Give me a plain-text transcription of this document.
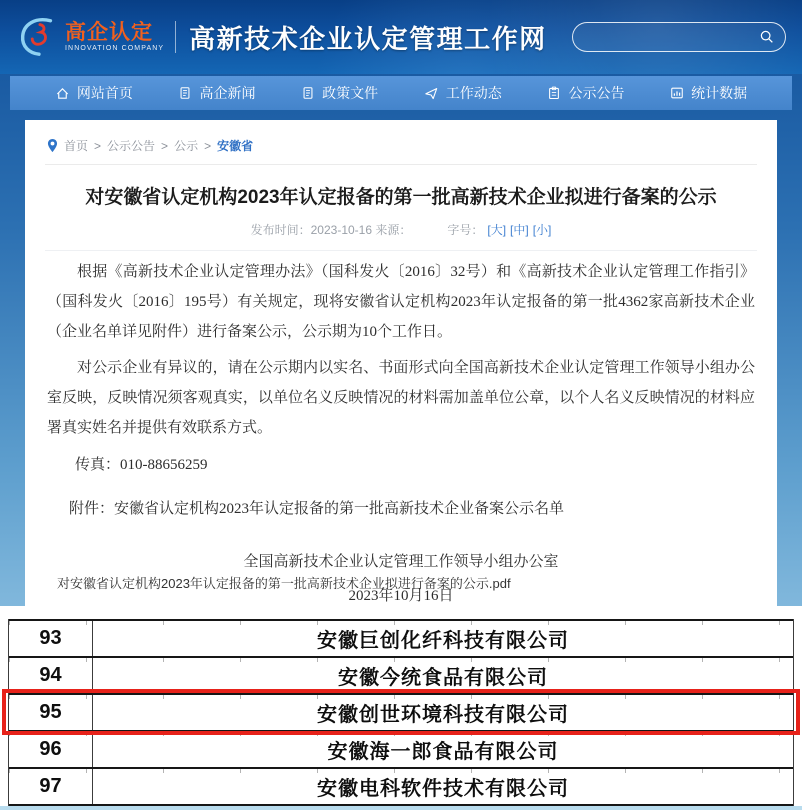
高企认定
INNOVATION COMPANY 高新技术企业认定管理工作网
网站首页	高企新闻	政策文件	工作动态	公示公告	统计数据
首页 > 公示公告 > 公示 > 安徽省
对安徽省认定机构2023年认定报备的第一批高新技术企业拟进行备案的公示
发布时间：2023-10-16 来源：	字号： [大] [中] [小]

根据《高新技术企业认定管理办法》（国科发火〔2016〕32号）和《高新技术企业认定管理工作指引》（国科发火〔2016〕195号）有关规定，现将安徽省认定机构2023年认定报备的第一批4362家高新技术企业（企业名单详见附件）进行备案公示，公示期为10个工作日。

对公示企业有异议的，请在公示期内以实名、书面形式向全国高新技术企业认定管理工作领导小组办公室反映，反映情况须客观真实，以单位名义反映情况的材料需加盖单位公章，以个人名义反映情况的材料应署真实姓名并提供有效联系方式。

传真：010-88656259
附件：安徽省认定机构2023年认定报备的第一批高新技术企业备案公示名单
全国高新技术企业认定管理工作领导小组办公室
2023年10月16日
对安徽省认定机构2023年认定报备的第一批高新技术企业拟进行备案的公示.pdf
93	安徽巨创化纤科技有限公司
94	安徽今统食品有限公司
95	安徽创世环境科技有限公司
96	安徽海一郎食品有限公司
97	安徽电科软件技术有限公司
